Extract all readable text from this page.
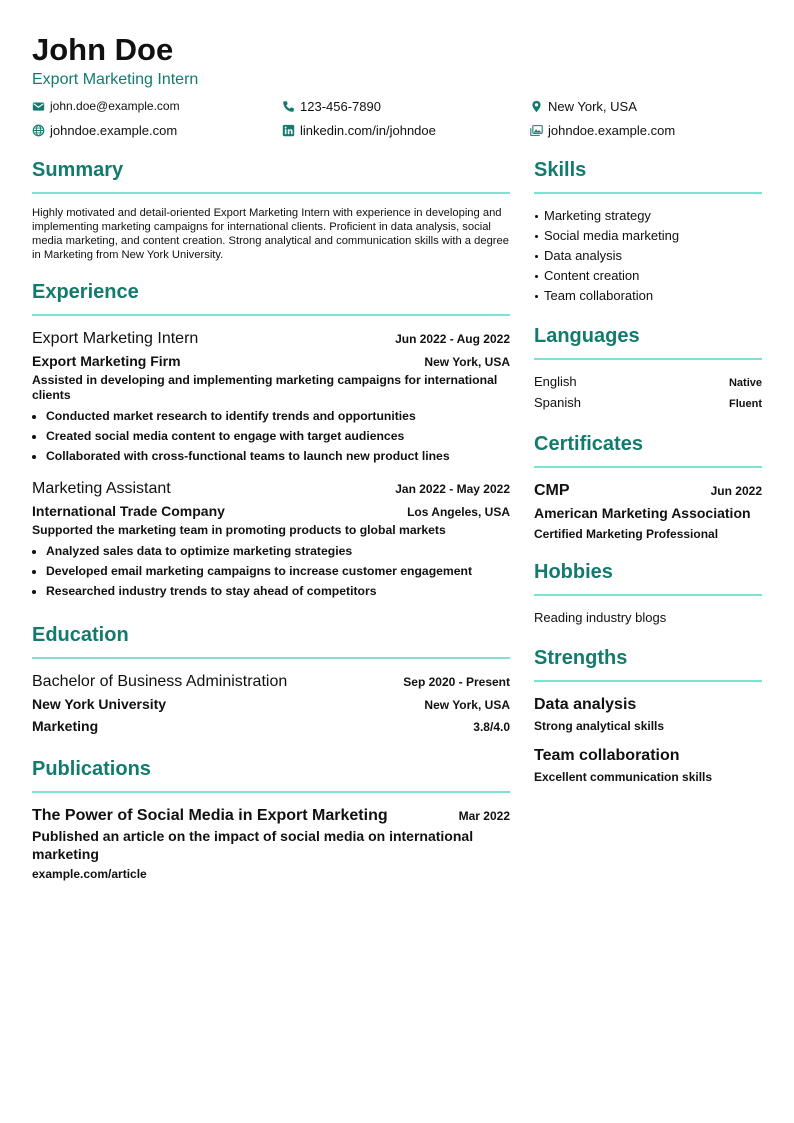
John Doe
Export Marketing Intern
john.doe@example.com	123-456-7890	New York, USA
johndoe.example.com	linkedin.com/in/johndoe	johndoe.example.com
Summary
Highly motivated and detail-oriented Export Marketing Intern with experience in developing and implementing marketing campaigns for international clients. Proficient in data analysis, social media marketing, and content creation. Strong analytical and communication skills with a degree in Marketing from New York University.
Experience
Export Marketing Intern	Jun 2022 - Aug 2022
Export Marketing Firm	New York, USA
Assisted in developing and implementing marketing campaigns for international clients
• Conducted market research to identify trends and opportunities
• Created social media content to engage with target audiences
• Collaborated with cross-functional teams to launch new product lines
Marketing Assistant	Jan 2022 - May 2022
International Trade Company	Los Angeles, USA
Supported the marketing team in promoting products to global markets
• Analyzed sales data to optimize marketing strategies
• Developed email marketing campaigns to increase customer engagement
• Researched industry trends to stay ahead of competitors
Education
Bachelor of Business Administration	Sep 2020 - Present
New York University	New York, USA
Marketing	3.8/4.0
Publications
The Power of Social Media in Export Marketing	Mar 2022
Published an article on the impact of social media on international marketing
example.com/article
Skills
Marketing strategy
Social media marketing
Data analysis
Content creation
Team collaboration
Languages
English	Native
Spanish	Fluent
Certificates
CMP	Jun 2022
American Marketing Association
Certified Marketing Professional
Hobbies
Reading industry blogs
Strengths
Data analysis
Strong analytical skills
Team collaboration
Excellent communication skills
